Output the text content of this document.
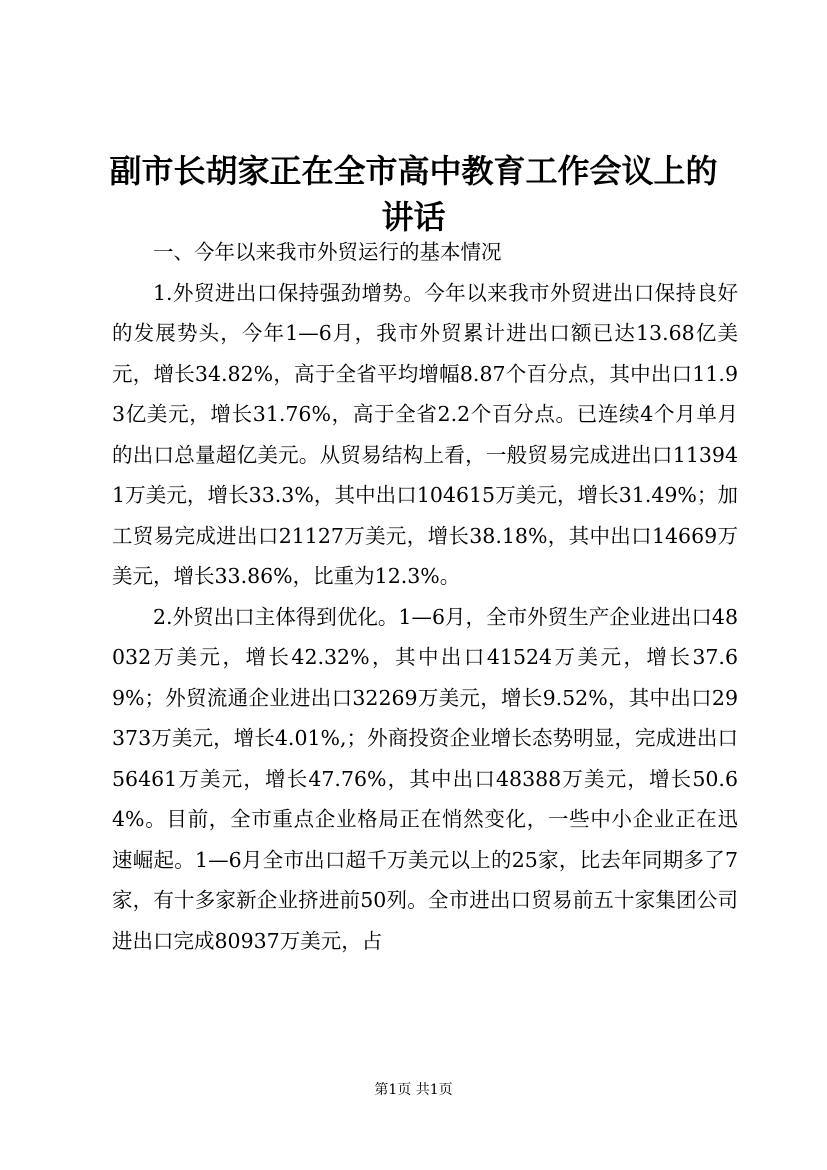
副市长胡家正在全市高中教育工作会议上的讲话

一、今年以来我市外贸运行的基本情况

1.外贸进出口保持强劲增势。今年以来我市外贸进出口保持良好的发展势头，今年1—6月，我市外贸累计进出口额已达13.68亿美元，增长34.82%，高于全省平均增幅8.87个百分点，其中出口11.93亿美元，增长31.76%，高于全省2.2个百分点。已连续4个月单月的出口总量超亿美元。从贸易结构上看，一般贸易完成进出口113941万美元，增长33.3%，其中出口104615万美元，增长31.49%；加工贸易完成进出口21127万美元，增长38.18%，其中出口14669万美元，增长33.86%，比重为12.3%。

2.外贸出口主体得到优化。1—6月，全市外贸生产企业进出口48032万美元，增长42.32%，其中出口41524万美元，增长37.69%；外贸流通企业进出口32269万美元，增长9.52%，其中出口29373万美元，增长4.01%,；外商投资企业增长态势明显，完成进出口56461万美元，增长47.76%，其中出口48388万美元，增长50.64%。目前，全市重点企业格局正在悄然变化，一些中小企业正在迅速崛起。1—6月全市出口超千万美元以上的25家，比去年同期多了7家，有十多家新企业挤进前50列。全市进出口贸易前五十家集团公司进出口完成80937万美元，占

第1页 共1页
